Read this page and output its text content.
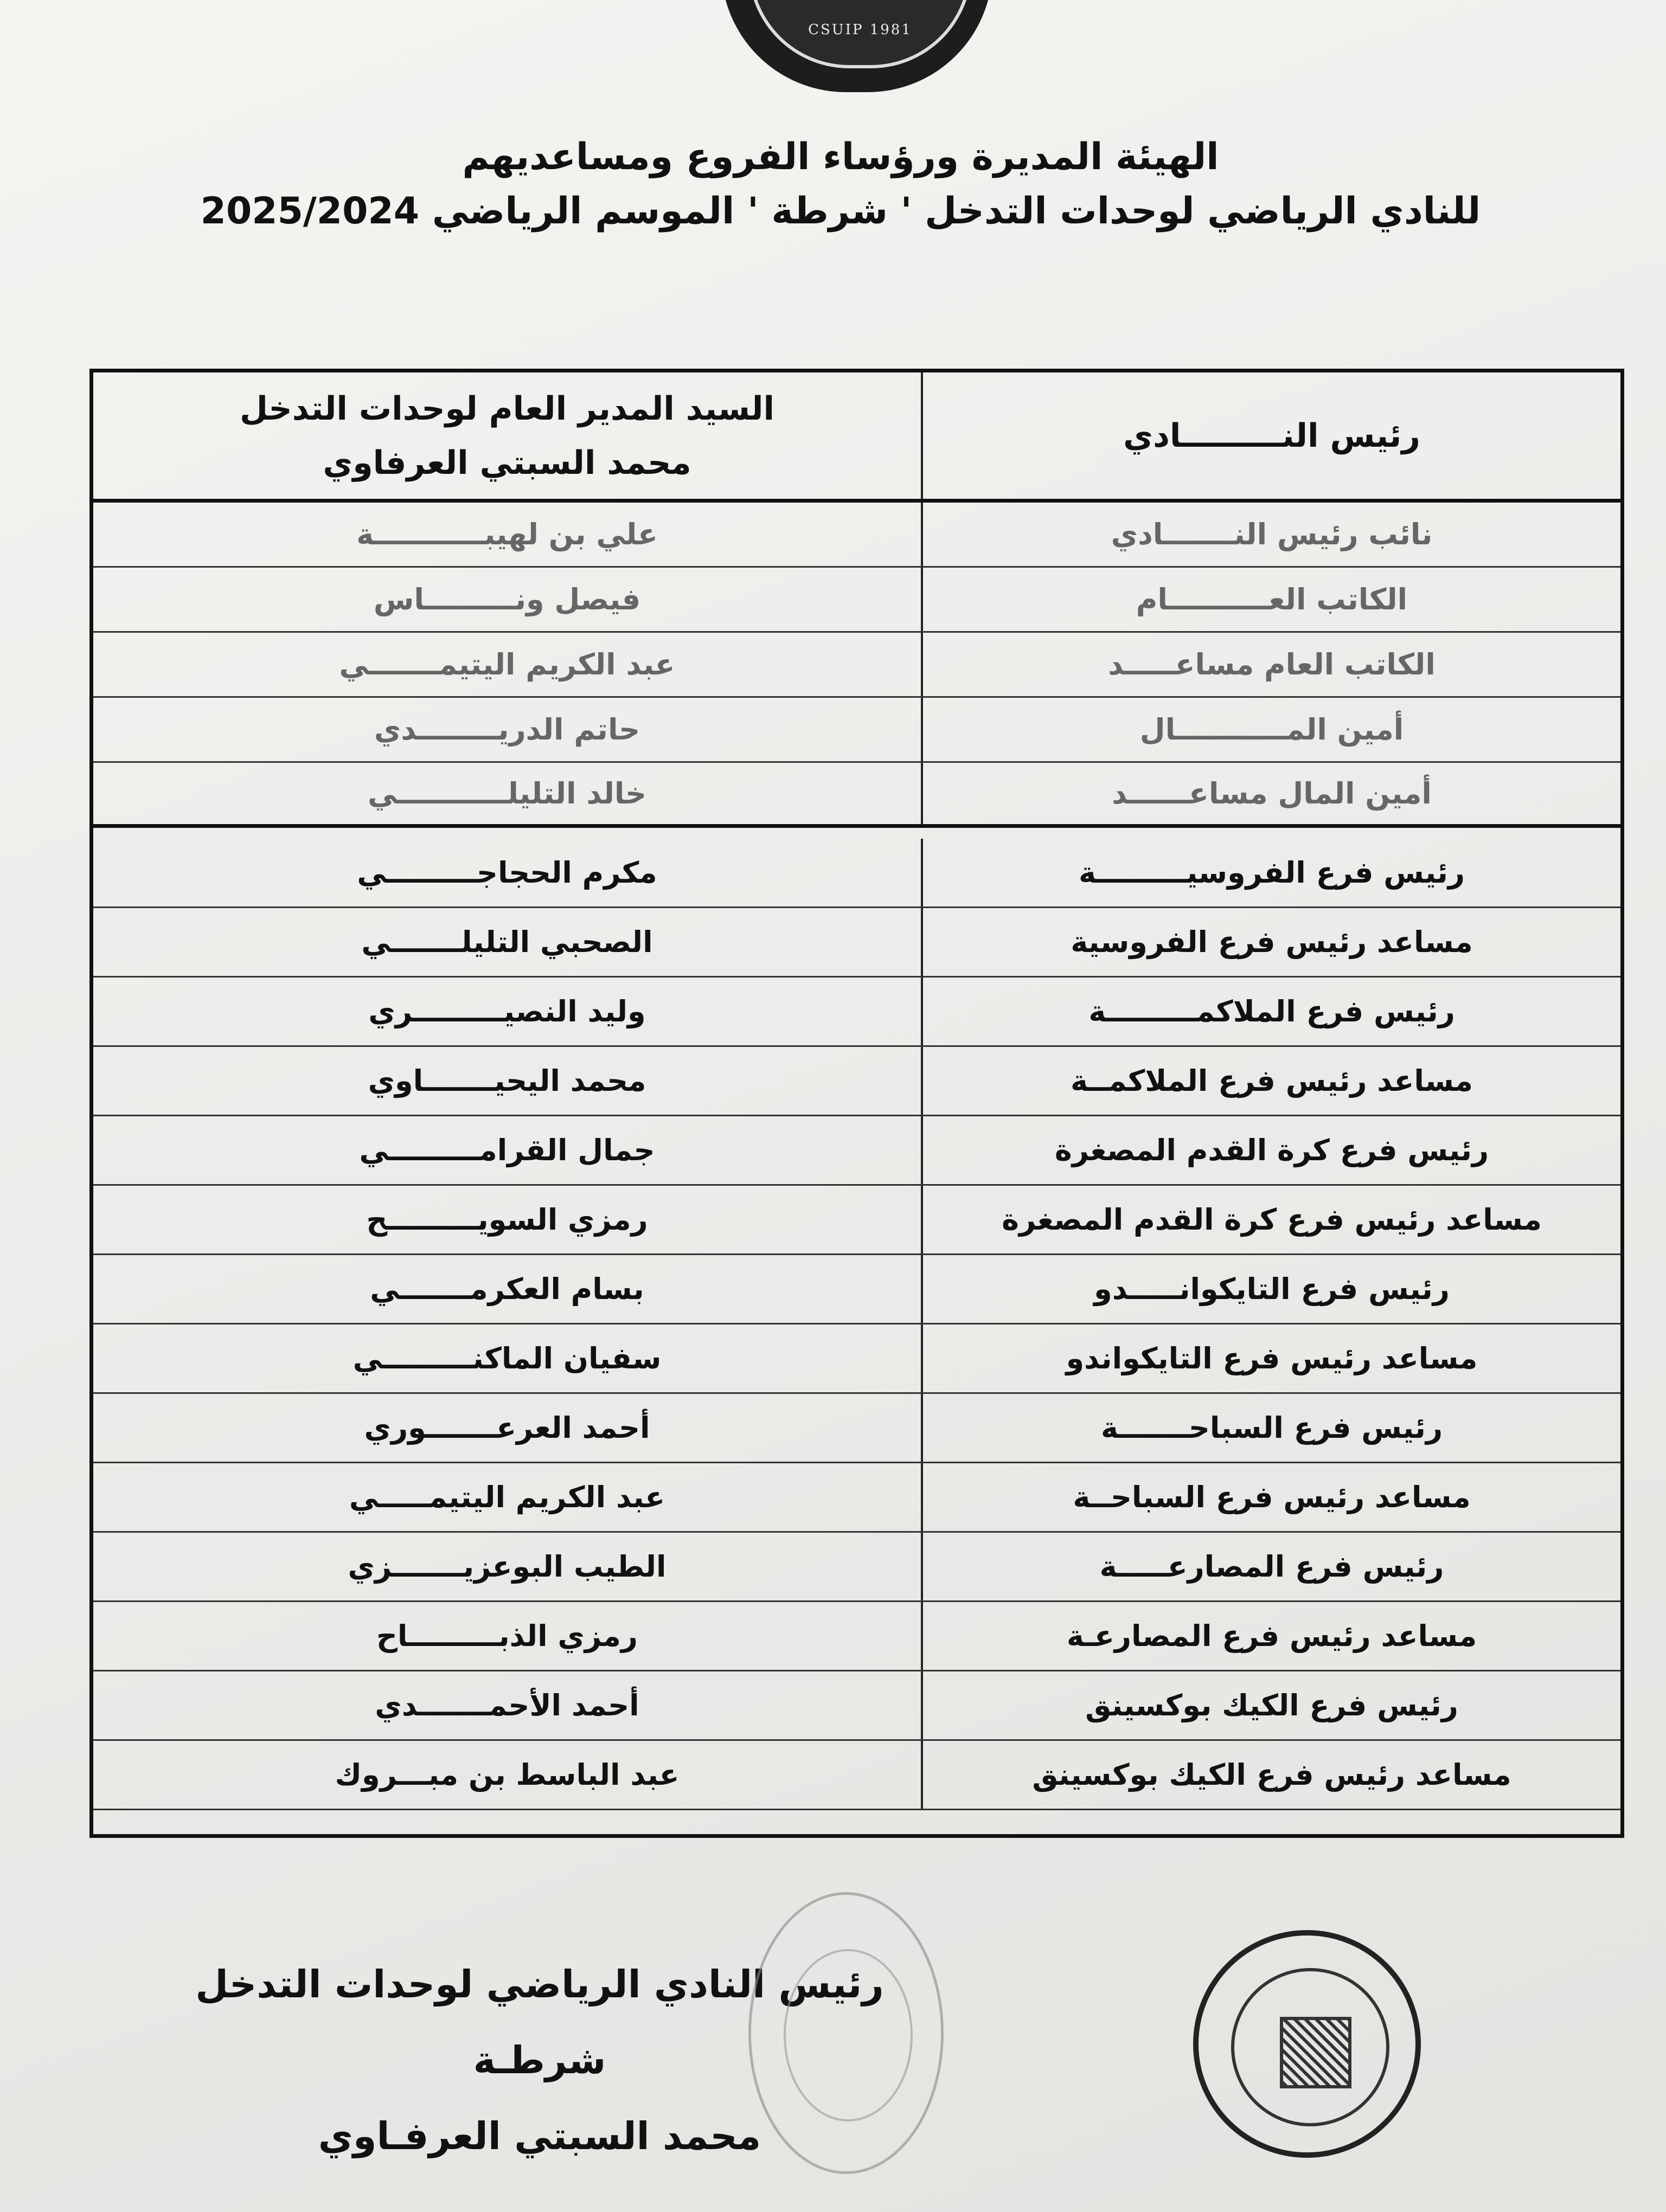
CSUIP 1981
الهيئة المديرة ورؤساء الفروع ومساعديهم
للنادي الرياضي لوحدات التدخل ' شرطة ' الموسم الرياضي 2025/2024
رئيس النـــــــــادي
السيد المدير العام لوحدات التدخل
محمد السبتي العرفاوي
نائب رئيس النـــــــادي
علي بن لهيبـــــــــــة
الكاتب العــــــــــام
فيصل ونـــــــــاس
الكاتب العام مساعـــــد
عبد الكريم اليتيمـــــــي
أمين المـــــــــــال
حاتم الدريــــــــدي
أمين المال مساعــــــد
خالد التليلـــــــــــي
رئيس فرع الفروسيـــــــــة
مكرم الحجاجـــــــــي
مساعد رئيس فرع الفروسية
الصحبي التليلـــــــي
رئيس فرع الملاكمـــــــــة
وليد النصيـــــــــري
مساعد رئيس فرع الملاكمــة
محمد اليحيـــــــاوي
رئيس فرع كرة القدم المصغرة
جمال القرامـــــــــي
مساعد رئيس فرع كرة القدم المصغرة
رمزي السويـــــــــح
رئيس فرع التايكوانـــــدو
بسام العكرمـــــــي
مساعد رئيس فرع التايكواندو
سفيان الماكنـــــــــي
رئيس فرع السباحـــــــة
أحمد العرعـــــــوري
مساعد رئيس فرع السباحــة
عبد الكريم اليتيمـــــي
رئيس فرع المصارعـــــة
الطيب البوعزيـــــــزي
مساعد رئيس فرع المصارعـة
رمزي الذبـــــــــاح
رئيس فرع الكيك بوكسينق
أحمد الأحمـــــــدي
مساعد رئيس فرع الكيك بوكسينق
عبد الباسط بن مبـــروك
رئيس النادي الرياضي لوحدات التدخل
شرطـة
محمد السبتي العرفـاوي
